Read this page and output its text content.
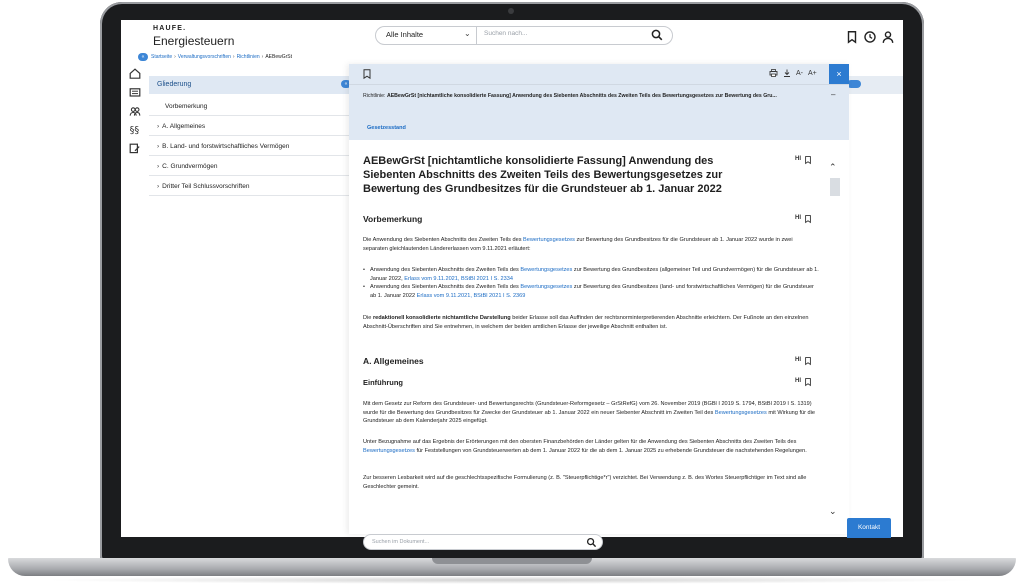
HAUFE.
Energiesteuern	Alle Inhalte	⌄ Suchen nach...
«	Startseite › Verwaltungsvorschriften › Richtlinien › AEBewGrSt
§§
Gliederung	«
Vorbemerkung
› A. Allgemeines
› B. Land- und forstwirtschaftliches Vermögen
› C. Grundvermögen
› Dritter Teil Schlussvorschriften
A- A+	×
Richtlinie: AEBewGrSt [nichtamtliche konsolidierte Fassung] Anwendung des Siebenten Abschnitts des Zweiten Teils des Bewertungsgesetzes zur Bewertung des Gru...	–
Gesetzesstand
AEBewGrSt [nichtamtliche konsolidierte Fassung] Anwendung des Siebenten Abschnitts des Zweiten Teils des Bewertungsgesetzes zur Bewertung des Grundbesitzes für die Grundsteuer ab 1. Januar 2022
HI
Vorbemerkung	HI
Die Anwendung des Siebenten Abschnitts des Zweiten Teils des Bewertungsgesetzes zur Bewertung des Grundbesitzes für die Grundsteuer ab 1. Januar 2022 wurde in zwei separaten gleichlautenden Ländererlassen vom 9.11.2021 erläutert:
• Anwendung des Siebenten Abschnitts des Zweiten Teils des Bewertungsgesetzes zur Bewertung des Grundbesitzes (allgemeiner Teil und Grundvermögen) für die Grundsteuer ab 1. Januar 2022, Erlass vom 9.11.2021, BStBl 2021 I S. 2334
• Anwendung des Siebenten Abschnitts des Zweiten Teils des Bewertungsgesetzes zur Bewertung des Grundbesitzes (land- und forstwirtschaftliches Vermögen) für die Grundsteuer ab 1. Januar 2022 Erlass vom 9.11.2021, BStBl 2021 I S. 2369
Die redaktionell konsolidierte nichtamtliche Darstellung beider Erlasse soll das Auffinden der rechtsnorminterpretierenden Abschnitte erleichtern. Der Fußnote an den einzelnen Abschnitt-Überschriften sind Sie entnehmen, in welchem der beiden amtlichen Erlasse der jeweilige Abschnitt enthalten ist.
A. Allgemeines	HI
Einführung	HI
Mit dem Gesetz zur Reform des Grundsteuer- und Bewertungsrechts (Grundsteuer-Reformgesetz – GrStRefG) vom 26. November 2019 (BGBl I 2019 S. 1794, BStBl 2019 I S. 1319) wurde für die Bewertung des Grundbesitzes für Zwecke der Grundsteuer ab 1. Januar 2022 ein neuer Siebenter Abschnitt im Zweiten Teil des Bewertungsgesetzes mit Wirkung für die Grundsteuer ab dem Kalenderjahr 2025 eingefügt.
Unter Bezugnahme auf das Ergebnis der Erörterungen mit den obersten Finanzbehörden der Länder gelten für die Anwendung des Siebenten Abschnitts des Zweiten Teils des Bewertungsgesetzes für Feststellungen von Grundsteuerwerten ab dem 1. Januar 2022 für die ab dem 1. Januar 2025 zu erhebende Grundsteuer die nachstehenden Regelungen.
Zur besseren Lesbarkeit wird auf die geschlechtsspezifische Formulierung (z. B. "Steuerpflichtige*r") verzichtet. Bei Verwendung z. B. des Wortes Steuerpflichtiger im Text sind alle Geschlechter gemeint.
⌃
⌄
Suchen im Dokument...
Kontakt
